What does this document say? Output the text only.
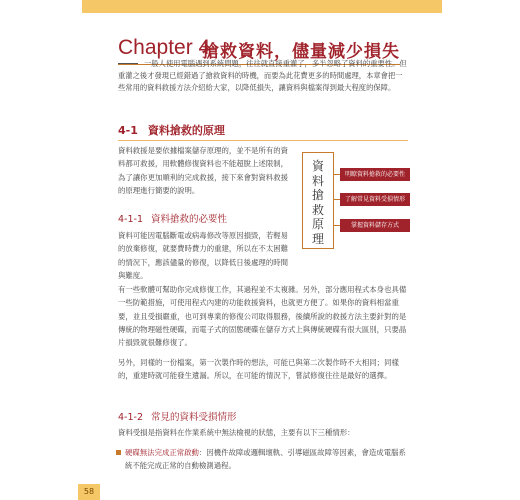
Chapter 4
搶救資料，儘量減少損失
一般人使用電腦遇到系統問題，往往就直接重灌了，多半忽略了資料的重要性。但重灌之後才發現已經錯過了搶救資料的時機，而要為此花費更多的時間處理，本章會把一些常用的資料救援方法介紹給大家，以降低損失，讓資料與檔案得到最大程度的保障。
4-1 資料搶救的原理
資料救援是要依據檔案儲存原理的，並不是所有的資料都可救援，用軟體修復資料也不能超脫上述限制，為了讓你更加順利的完成救援，接下來會對資料救援的原理進行簡要的說明。
資
料
搶
救
原
理
明瞭資料搶救的必要性
了解常見資料受損情形
掌握資料儲存方式
4-1-1 資料搶救的必要性
資料可能因電腦斷電或病毒修改等原因損毀，若輕易的放棄修復，就要費時費力的重建，所以在不太困難的情況下，應該儘量的修復，以降低日後處理的時間與難度。
有一些軟體可幫助你完成修復工作，其過程並不太複雜。另外，部分應用程式本身也具備一些防範措施，可使用程式內建的功能救援資料，也就更方便了。如果你的資料相當重要，並且受損嚴重，也可到專業的修復公司取得服務，後續所說的救援方法主要針對的是傳統的物理磁性硬碟，而電子式的固態硬碟在儲存方式上與傳統硬碟有很大區別，只要晶片損毀就很難修復了。
另外，同樣的一份檔案，第一次製作時的想法，可能已與第二次製作時不大相同；同樣的，重建時就可能發生遺漏。所以，在可能的情況下，嘗試修復往往是最好的選擇。
4-1-2 常見的資料受損情形
資料受損是指資料在作業系統中無法檢視的狀態，主要有以下三種情形：
硬碟無法完成正常啟動：因機件故障或邏輯壞軌、引導磁區故障等因素，會造成電腦系統不能完成正常的自動檢測過程。
58
